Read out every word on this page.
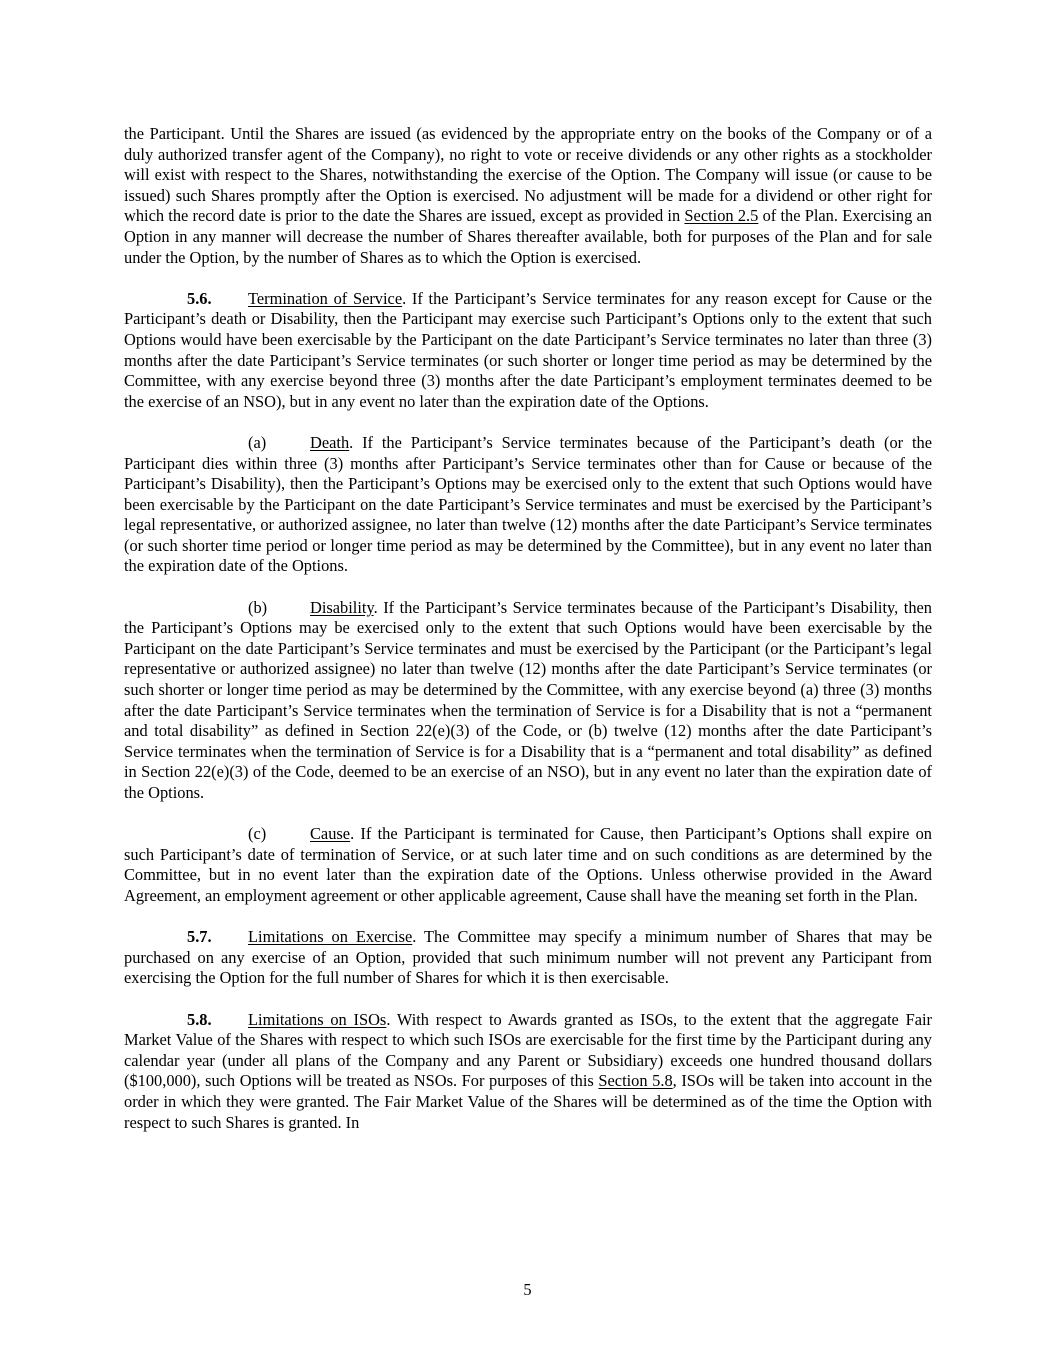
the Participant. Until the Shares are issued (as evidenced by the appropriate entry on the books of the Company or of a duly authorized transfer agent of the Company), no right to vote or receive dividends or any other rights as a stockholder will exist with respect to the Shares, notwithstanding the exercise of the Option. The Company will issue (or cause to be issued) such Shares promptly after the Option is exercised. No adjustment will be made for a dividend or other right for which the record date is prior to the date the Shares are issued, except as provided in Section 2.5 of the Plan. Exercising an Option in any manner will decrease the number of Shares thereafter available, both for purposes of the Plan and for sale under the Option, by the number of Shares as to which the Option is exercised.

5.6. Termination of Service. If the Participant’s Service terminates for any reason except for Cause or the Participant’s death or Disability, then the Participant may exercise such Participant’s Options only to the extent that such Options would have been exercisable by the Participant on the date Participant’s Service terminates no later than three (3) months after the date Participant’s Service terminates (or such shorter or longer time period as may be determined by the Committee, with any exercise beyond three (3) months after the date Participant’s employment terminates deemed to be the exercise of an NSO), but in any event no later than the expiration date of the Options.

(a)	Death. If the Participant’s Service terminates because of the Participant’s death (or the Participant dies within three (3) months after Participant’s Service terminates other than for Cause or because of the Participant’s Disability), then the Participant’s Options may be exercised only to the extent that such Options would have been exercisable by the Participant on the date Participant’s Service terminates and must be exercised by the Participant’s legal representative, or authorized assignee, no later than twelve (12) months after the date Participant’s Service terminates (or such shorter time period or longer time period as may be determined by the Committee), but in any event no later than the expiration date of the Options.

(b)	Disability. If the Participant’s Service terminates because of the Participant’s Disability, then the Participant’s Options may be exercised only to the extent that such Options would have been exercisable by the Participant on the date Participant’s Service terminates and must be exercised by the Participant (or the Participant’s legal representative or authorized assignee) no later than twelve (12) months after the date Participant’s Service terminates (or such shorter or longer time period as may be determined by the Committee, with any exercise beyond (a) three (3) months after the date Participant’s Service terminates when the termination of Service is for a Disability that is not a “permanent and total disability” as defined in Section 22(e)(3) of the Code, or (b) twelve (12) months after the date Participant’s Service terminates when the termination of Service is for a Disability that is a “permanent and total disability” as defined in Section 22(e)(3) of the Code, deemed to be an exercise of an NSO), but in any event no later than the expiration date of the Options.

(c)	Cause. If the Participant is terminated for Cause, then Participant’s Options shall expire on such Participant’s date of termination of Service, or at such later time and on such conditions as are determined by the Committee, but in no event later than the expiration date of the Options. Unless otherwise provided in the Award Agreement, an employment agreement or other applicable agreement, Cause shall have the meaning set forth in the Plan.

5.7. Limitations on Exercise. The Committee may specify a minimum number of Shares that may be purchased on any exercise of an Option, provided that such minimum number will not prevent any Participant from exercising the Option for the full number of Shares for which it is then exercisable.

5.8. Limitations on ISOs. With respect to Awards granted as ISOs, to the extent that the aggregate Fair Market Value of the Shares with respect to which such ISOs are exercisable for the first time by the Participant during any calendar year (under all plans of the Company and any Parent or Subsidiary) exceeds one hundred thousand dollars ($100,000), such Options will be treated as NSOs. For purposes of this Section 5.8, ISOs will be taken into account in the order in which they were granted. The Fair Market Value of the Shares will be determined as of the time the Option with respect to such Shares is granted. In

5
